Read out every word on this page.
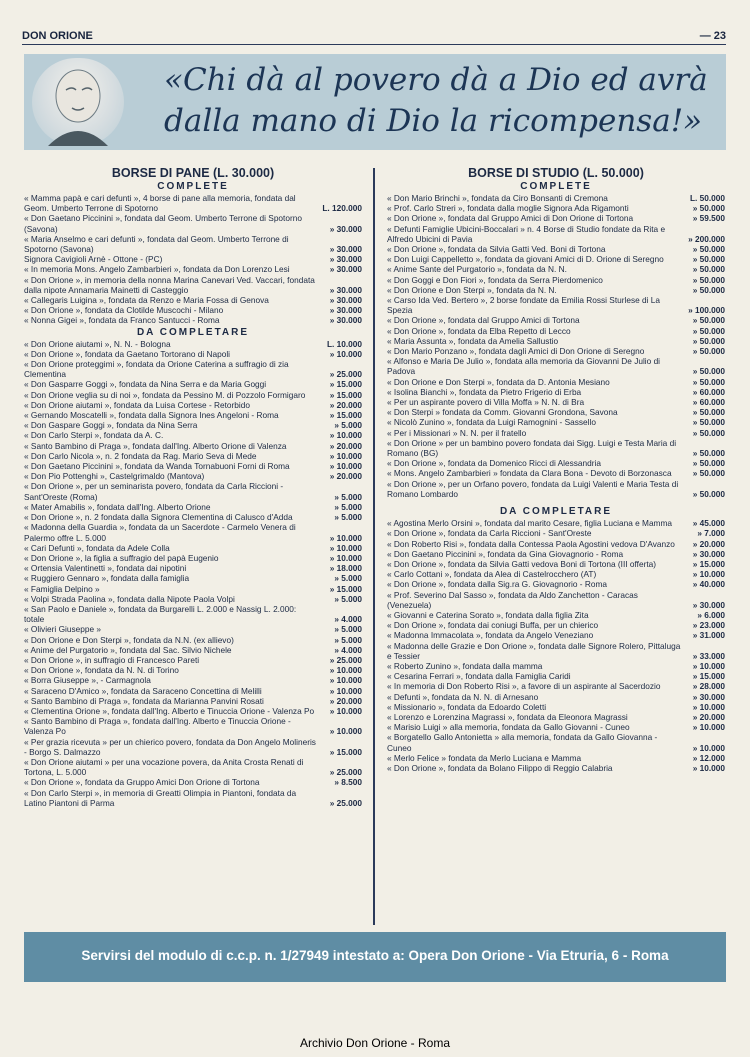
DON ORIONE	— 23
«Chi dà al povero dà a Dio ed avrà
dalla mano di Dio la ricompensa!»
BORSE DI PANE (L. 30.000)
COMPLETE
« Mamma papà e cari defunti », 4 borse di pane alla memoria, fondata dal Geom. Umberto Terrone di Spotorno	L. 120.000
« Don Gaetano Piccinini », fondata dal Geom. Umberto Terrone di Spotorno (Savona)	» 30.000
« Maria Anselmo e cari defunti », fondata dal Geom. Umberto Terrone di Spotorno (Savona)	» 30.000
Signora Cavigioli Arnè - Ottone - (PC)	» 30.000
« In memoria Mons. Angelo Zambarbieri », fondata da Don Lorenzo Lesi	» 30.000
« Don Orione », in memoria della nonna Marina Canevari Ved. Vaccari, fondata dalla nipote Annamaria Mainetti di Casteggio	» 30.000
« Callegaris Luigina », fondata da Renzo e Maria Fossa di Genova	» 30.000
« Don Orione », fondata da Clotilde Muscochi - Milano	» 30.000
« Nonna Gigei », fondata da Franco Santucci - Roma	» 30.000
DA COMPLETARE
« Don Orione aiutami », N. N. - Bologna	L. 10.000
« Don Orione », fondata da Gaetano Tortorano di Napoli	» 10.000
« Don Orione proteggimi », fondata da Orione Caterina a suffragio di zia Clementina	» 25.000
« Don Gasparre Goggi », fondata da Nina Serra e da Maria Goggi	» 15.000
« Don Orione veglia su di noi », fondata da Pessino M. di Pozzolo Formigaro	» 15.000
« Don Orione aiutami », fondata da Luisa Cortese - Retorbido	» 20.000
« Gernando Moscatelli », fondata dalla Signora Ines Angeloni - Roma	» 15.000
« Don Gaspare Goggi », fondata da Nina Serra	» 5.000
« Don Carlo Sterpi », fondata da A. C.	» 10.000
« Santo Bambino di Praga », fondata dall'Ing. Alberto Orione di Valenza	» 20.000
« Don Carlo Nicola », n. 2 fondata da Rag. Mario Seva di Mede	» 10.000
« Don Gaetano Piccinini », fondata da Wanda Tornabuoni Forni di Roma	» 10.000
« Don Pio Pottenghi », Castelgrimaldo (Mantova)	» 20.000
« Don Orione », per un seminarista povero, fondata da Carla Riccioni - Sant'Oreste (Roma)	» 5.000
« Mater Amabilis », fondata dall'Ing. Alberto Orione	» 5.000
« Don Orione », n. 2 fondata dalla Signora Clementina di Calusco d'Adda	» 5.000
« Madonna della Guardia », fondata da un Sacerdote - Carmelo Venera di Palermo offre L. 5.000	» 10.000
« Cari Defunti », fondata da Adele Colla	» 10.000
« Don Orione », la figlia a suffragio del papà Eugenio	» 10.000
« Ortensia Valentinetti », fondata dai nipotini	» 18.000
« Ruggiero Gennaro », fondata dalla famiglia	» 5.000
« Famiglia Delpino »	» 15.000
« Volpi Strada Paolina », fondata dalla Nipote Paola Volpi	» 5.000
« San Paolo e Daniele », fondata da Burgarelli L. 2.000 e Nassig L. 2.000: totale	» 4.000
« Olivieri Giuseppe »	» 5.000
« Don Orione e Don Sterpi », fondata da N.N. (ex allievo)	» 5.000
« Anime del Purgatorio », fondata dal Sac. Silvio Nichele	» 4.000
« Don Orione », in suffragio di Francesco Pareti	» 25.000
« Don Orione », fondata da N. N. di Torino	» 10.000
« Borra Giuseppe », - Carmagnola	» 10.000
« Saraceno D'Amico », fondata da Saraceno Concettina di Melilli	» 10.000
« Santo Bambino di Praga », fondata da Marianna Panvini Rosati	» 20.000
« Clementina Orione », fondata dall'Ing. Alberto e Tinuccia Orione - Valenza Po » 10.000
« Santo Bambino di Praga », fondata dall'Ing. Alberto e Tinuccia Orione - Valenza Po	» 10.000
« Per grazia ricevuta » per un chierico povero, fondata da Don Angelo Molineris - Borgo S. Dalmazzo	» 15.000
« Don Orione aiutami » per una vocazione povera, da Anita Crosta Renati di Tortona, L. 5.000	» 25.000
« Don Orione », fondata da Gruppo Amici Don Orione di Tortona	» 8.500
« Don Carlo Sterpi », in memoria di Greatti Olimpia in Piantoni, fondata da Latino Piantoni di Parma	» 25.000
BORSE DI STUDIO (L. 50.000)
COMPLETE
« Don Mario Brinchi », fondata da Ciro Bonsanti di Cremona	L. 50.000
« Prof. Carlo Streri », fondata dalla moglie Signora Ada Rigamonti	» 50.000
« Don Orione », fondata dal Gruppo Amici di Don Orione di Tortona	» 59.500
« Defunti Famiglie Ubicini-Boccalari » n. 4 Borse di Studio fondate da Rita e Alfredo Ubicini di Pavia	» 200.000
« Don Orione », fondata da Silvia Gatti Ved. Boni di Tortona	» 50.000
« Don Luigi Cappelletto », fondata da giovani Amici di D. Orione di Seregno	» 50.000
« Anime Sante del Purgatorio », fondata da N. N.	» 50.000
« Don Goggi e Don Fiori », fondata da Serra Pierdomenico	» 50.000
« Don Orione e Don Sterpi », fondata da N. N.	» 50.000
« Carso Ida Ved. Bertero », 2 borse fondate da Emilia Rossi Sturlese di La Spezia	» 100.000
« Don Orione », fondata dal Gruppo Amici di Tortona	» 50.000
« Don Orione », fondata da Elba Repetto di Lecco	» 50.000
« Maria Assunta », fondata da Amelia Sallustio	» 50.000
« Don Mario Ponzano », fondata dagli Amici di Don Orione di Seregno	» 50.000
« Alfonso e Maria De Julio », fondata alla memoria da Giovanni De Julio di Padova	» 50.000
« Don Orione e Don Sterpi », fondata da D. Antonia Mesiano	» 50.000
« Isolina Bianchi », fondata da Pietro Frigerio di Erba	» 60.000
« Per un aspirante povero di Villa Moffa » N. N. di Bra	» 60.000
« Don Sterpi » fondata da Comm. Giovanni Grondona, Savona	» 50.000
« Nicolò Zunino », fondata da Luigi Ramognini - Sassello	» 50.000
« Per i Missionari » N. N. per il fratello	» 50.000
« Don Orione » per un bambino povero fondata dai Sigg. Luigi e Testa Maria di Romano (BG)	» 50.000
« Don Orione », fondata da Domenico Ricci di Alessandria	» 50.000
« Mons. Angelo Zambarbieri » fondata da Clara Bona - Devoto di Borzonasca	» 50.000
« Don Orione », per un Orfano povero, fondata da Luigi Valenti e Maria Testa di Romano Lombardo	» 50.000
DA COMPLETARE
« Agostina Merlo Orsini », fondata dal marito Cesare, figlia Luciana e Mamma » 45.000
« Don Orione », fondata da Carla Riccioni - Sant'Oreste	» 7.000
« Don Roberto Risi », fondata dalla Contessa Paola Agostini vedova D'Avanzo » 20.000
« Don Gaetano Piccinini », fondata da Gina Giovagnorio - Roma	» 30.000
« Don Orione », fondata da Silvia Gatti vedova Boni di Tortona (III offerta)	» 15.000
« Carlo Cottani », fondata da Alea di Castelrocchero (AT)	» 10.000
« Don Orione », fondata dalla Sig.ra G. Giovagnorio - Roma	» 40.000
« Prof. Severino Dal Sasso », fondata da Aldo Zanchetton - Caracas (Venezuela)	» 30.000
« Giovanni e Caterina Sorato », fondata dalla figlia Zita	» 6.000
« Don Orione », fondata dai coniugi Buffa, per un chierico	» 23.000
« Madonna Immacolata », fondata da Angelo Veneziano	» 31.000
« Madonna delle Grazie e Don Orione », fondata dalle Signore Rolero, Pittaluga e Tessier	» 33.000
« Roberto Zunino », fondata dalla mamma	» 10.000
« Cesarina Ferrari », fondata dalla Famiglia Caridi	» 15.000
« In memoria di Don Roberto Risi », a favore di un aspirante al Sacerdozio	» 28.000
« Defunti », fondata da N. N. di Arnesano	» 30.000
« Missionario », fondata da Edoardo Coletti	» 10.000
« Lorenzo e Lorenzina Magrassi », fondata da Eleonora Magrassi	» 20.000
« Marisio Luigi » alla memoria, fondata da Gallo Giovanni - Cuneo	» 10.000
« Borgatello Gallo Antonietta » alla memoria, fondata da Gallo Giovanna - Cuneo	» 10.000
« Merlo Felice » fondata da Merlo Luciana e Mamma	» 12.000
« Don Orione », fondata da Bolano Filippo di Reggio Calabria	» 10.000
Servirsi del modulo di c.c.p. n. 1/27949 intestato a: Opera Don Orione - Via Etruria, 6 - Roma
Archivio Don Orione - Roma
